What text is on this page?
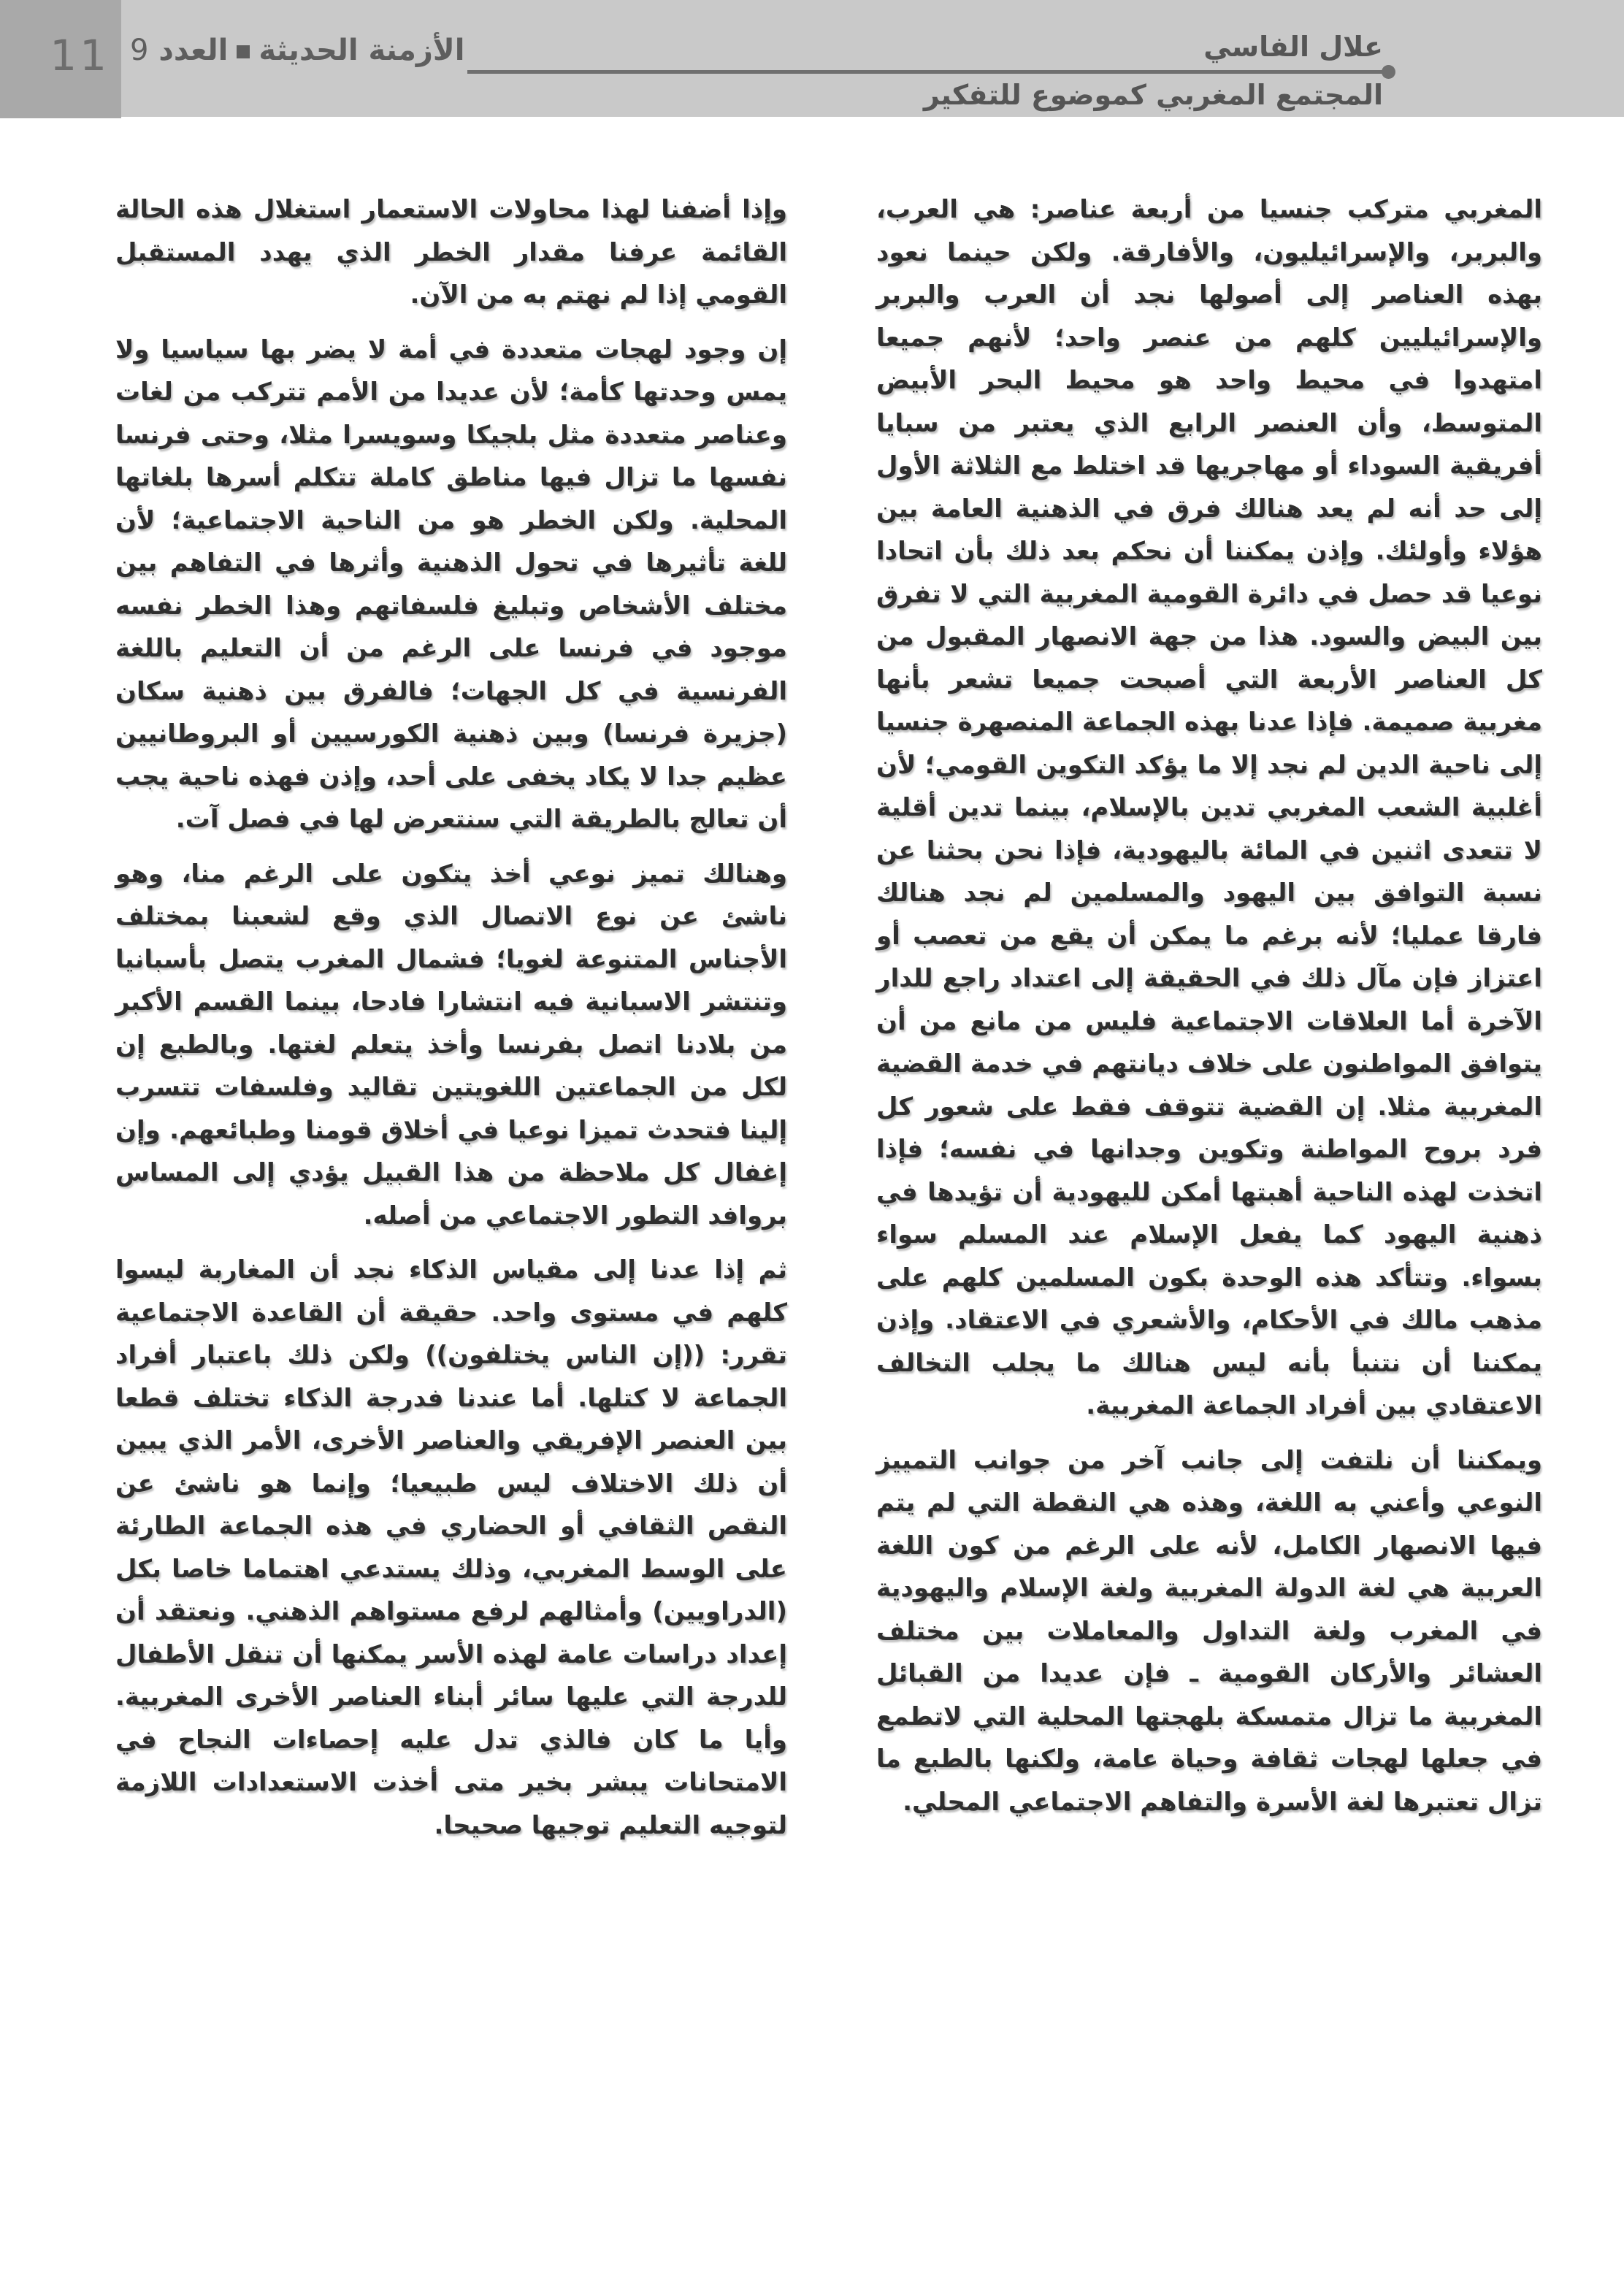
11	الأزمنة الحديثةالعدد 9	علال الفاسي
المجتمع المغربي كموضوع للتفكير

المغربي متركب جنسيا من أربعة عناصر: هي العرب، والبربر، والإسرائيليون، والأفارقة. ولكن حينما نعود بهذه العناصر إلى أصولها نجد أن العرب والبربر والإسرائيليين كلهم من عنصر واحد؛ لأنهم جميعا امتهدوا في محيط واحد هو محيط البحر الأبيض المتوسط، وأن العنصر الرابع الذي يعتبر من سبايا أفريقية السوداء أو مهاجريها قد اختلط مع الثلاثة الأول إلى حد أنه لم يعد هنالك فرق في الذهنية العامة بين هؤلاء وأولئك. وإذن يمكننا أن نحكم بعد ذلك بأن اتحادا نوعيا قد حصل في دائرة القومية المغربية التي لا تفرق بين البيض والسود. هذا من جهة الانصهار المقبول من كل العناصر الأربعة التي أصبحت جميعا تشعر بأنها مغربية صميمة. فإذا عدنا بهذه الجماعة المنصهرة جنسيا إلى ناحية الدين لم نجد إلا ما يؤكد التكوين القومي؛ لأن أغلبية الشعب المغربي تدين بالإسلام، بينما تدين أقلية لا تتعدى اثنين في المائة باليهودية، فإذا نحن بحثنا عن نسبة التوافق بين اليهود والمسلمين لم نجد هنالك فارقا عمليا؛ لأنه برغم ما يمكن أن يقع من تعصب أو اعتزاز فإن مآل ذلك في الحقيقة إلى اعتداد راجع للدار الآخرة أما العلاقات الاجتماعية فليس من مانع من أن يتوافق المواطنون على خلاف ديانتهم في خدمة القضية المغربية مثلا. إن القضية تتوقف فقط على شعور كل فرد بروح المواطنة وتكوين وجدانها في نفسه؛ فإذا اتخذت لهذه الناحية أهبتها أمكن لليهودية أن تؤيدها في ذهنية اليهود كما يفعل الإسلام عند المسلم سواء بسواء. وتتأكد هذه الوحدة بكون المسلمين كلهم على مذهب مالك في الأحكام، والأشعري في الاعتقاد. وإذن يمكننا أن نتنبأ بأنه ليس هنالك ما يجلب التخالف الاعتقادي بين أفراد الجماعة المغربية.

ويمكننا أن نلتفت إلى جانب آخر من جوانب التمييز النوعي وأعني به اللغة، وهذه هي النقطة التي لم يتم فيها الانصهار الكامل، لأنه على الرغم من كون اللغة العربية هي لغة الدولة المغربية ولغة الإسلام واليهودية في المغرب ولغة التداول والمعاملات بين مختلف العشائر والأركان القومية ـ فإن عديدا من القبائل المغربية ما تزال متمسكة بلهجتها المحلية التي لاتطمع في جعلها لهجات ثقافة وحياة عامة، ولكنها بالطبع ما تزال تعتبرها لغة الأسرة والتفاهم الاجتماعي المحلي.

وإذا أضفنا لهذا محاولات الاستعمار استغلال هذه الحالة القائمة عرفنا مقدار الخطر الذي يهدد المستقبل القومي إذا لم نهتم به من الآن.

إن وجود لهجات متعددة في أمة لا يضر بها سياسيا ولا يمس وحدتها كأمة؛ لأن عديدا من الأمم تتركب من لغات وعناصر متعددة مثل بلجيكا وسويسرا مثلا، وحتى فرنسا نفسها ما تزال فيها مناطق كاملة تتكلم أسرها بلغاتها المحلية. ولكن الخطر هو من الناحية الاجتماعية؛ لأن للغة تأثيرها في تحول الذهنية وأثرها في التفاهم بين مختلف الأشخاص وتبليغ فلسفاتهم وهذا الخطر نفسه موجود في فرنسا على الرغم من أن التعليم باللغة الفرنسية في كل الجهات؛ فالفرق بين ذهنية سكان (جزيرة فرنسا) وبين ذهنية الكورسيين أو البروطانيين عظيم جدا لا يكاد يخفى على أحد، وإذن فهذه ناحية يجب أن تعالج بالطريقة التي سنتعرض لها في فصل آت.

وهنالك تميز نوعي أخذ يتكون على الرغم منا، وهو ناشئ عن نوع الاتصال الذي وقع لشعبنا بمختلف الأجناس المتنوعة لغويا؛ فشمال المغرب يتصل بأسبانيا وتنتشر الاسبانية فيه انتشارا فادحا، بينما القسم الأكبر من بلادنا اتصل بفرنسا وأخذ يتعلم لغتها. وبالطبع إن لكل من الجماعتين اللغويتين تقاليد وفلسفات تتسرب إلينا فتحدث تميزا نوعيا في أخلاق قومنا وطبائعهم. وإن إغفال كل ملاحظة من هذا القبيل يؤدي إلى المساس بروافد التطور الاجتماعي من أصله.

ثم إذا عدنا إلى مقياس الذكاء نجد أن المغاربة ليسوا كلهم في مستوى واحد. حقيقة أن القاعدة الاجتماعية تقرر: ((إن الناس يختلفون)) ولكن ذلك باعتبار أفراد الجماعة لا كتلها. أما عندنا فدرجة الذكاء تختلف قطعا بين العنصر الإفريقي والعناصر الأخرى، الأمر الذي يبين أن ذلك الاختلاف ليس طبيعيا؛ وإنما هو ناشئ عن النقص الثقافي أو الحضاري في هذه الجماعة الطارئة على الوسط المغربي، وذلك يستدعي اهتماما خاصا بكل (الدراويين) وأمثالهم لرفع مستواهم الذهني. ونعتقد أن إعداد دراسات عامة لهذه الأسر يمكنها أن تنقل الأطفال للدرجة التي عليها سائر أبناء العناصر الأخرى المغربية. وأيا ما كان فالذي تدل عليه إحصاءات النجاح في الامتحانات يبشر بخير متى أخذت الاستعدادات اللازمة لتوجيه التعليم توجيها صحيحا.
